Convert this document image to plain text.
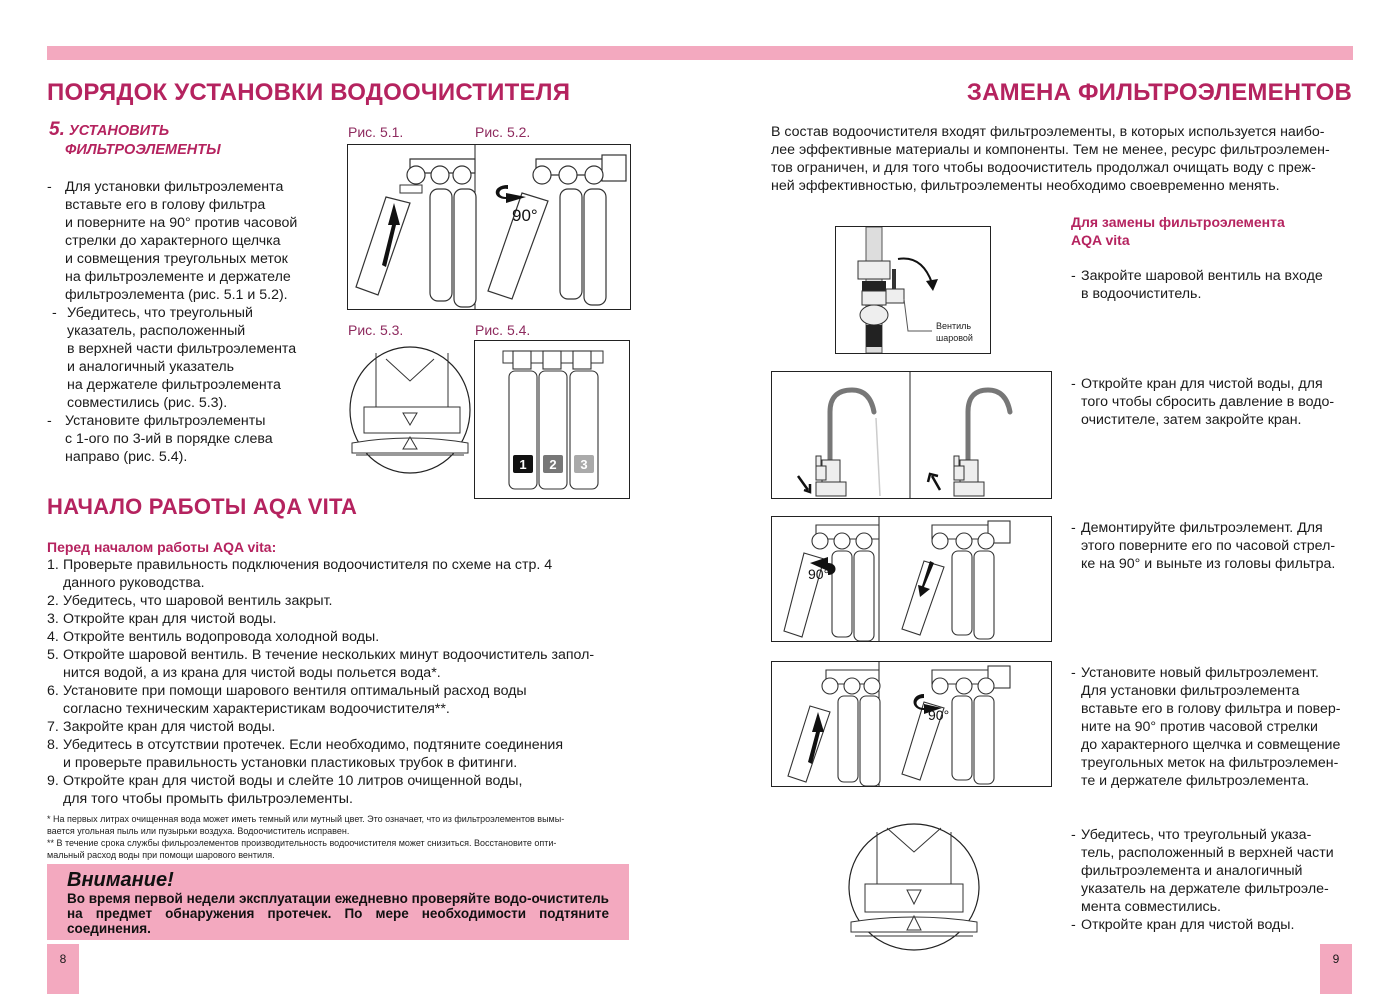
ПОРЯДОК УСТАНОВКИ ВОДООЧИСТИТЕЛЯ
5. УСТАНОВИТЬ
ФИЛЬТРОЭЛЕМЕНТЫ
- Для установки фильтроэлемента
вставьте его в голову фильтра
и поверните на 90° против часовой
стрелки до характерного щелчка
и совмещения треугольных меток
на фильтроэлементе и держателе
фильтроэлемента (рис. 5.1 и 5.2).
- Убедитесь, что треугольный
указатель, расположенный
в верхней части фильтроэлемента
и аналогичный указатель
на держателе фильтроэлемента
совместились (рис. 5.3).
- Установите фильтроэлементы
с 1-ого по 3-ий в порядке слева
направо (рис. 5.4).
Рис. 5.1.	Рис. 5.2.
Рис. 5.3.	Рис. 5.4.
90°
1 2 3
НАЧАЛО РАБОТЫ AQA VITA
Перед началом работы AQA vita:
1. Проверьте правильность подключения водоочистителя по схеме на стр. 4
данного руководства.
2. Убедитесь, что шаровой вентиль закрыт.
3. Откройте кран для чистой воды.
4. Откройте вентиль водопровода холодной воды.
5. Откройте шаровой вентиль. В течение нескольких минут водоочиститель запол-
нится водой, а из крана для чистой воды польется вода*.
6. Установите при помощи шарового вентиля оптимальный расход воды
согласно техническим характеристикам водоочистителя**.
7. Закройте кран для чистой воды.
8. Убедитесь в отсутствии протечек. Если необходимо, подтяните соединения
и проверьте правильность установки пластиковых трубок в фитинги.
9. Откройте кран для чистой воды и слейте 10 литров очищенной воды,
для того чтобы промыть фильтроэлементы.
* На первых литрах очищенная вода может иметь темный или мутный цвет. Это означает, что из фильтроэлементов вымы-
вается угольная пыль или пузырьки воздуха. Водоочиститель исправен.
** В течение срока службы фильроэлементов производительность водоочистителя может снизиться. Восстановите опти-
мальный расход воды при помощи шарового вентиля.
Внимание!
Во время первой недели эксплуатации ежедневно проверяйте водо-очиститель на предмет обнаружения протечек. По мере необходимости подтяните соединения.
8
ЗАМЕНА ФИЛЬТРОЭЛЕМЕНТОВ
В состав водоочистителя входят фильтроэлементы, в которых используется наибо-
лее эффективные материалы и компоненты. Тем не менее, ресурс фильтроэлемен-
тов ограничен, и для того чтобы водоочиститель продолжал очищать воду с преж-
ней эффективностью, фильтроэлементы необходимо своевременно менять.
Для замены фильтроэлемента
AQA vita
Вентиль
шаровой
90°
90°
- Закройте шаровой вентиль на входе
в водоочиститель.
- Откройте кран для чистой воды, для
того чтобы сбросить давление в водо-
очистителе, затем закройте кран.
- Демонтируйте фильтроэлемент. Для
этого поверните его по часовой стрел-
ке на 90° и выньте из головы фильтра.
- Установите новый фильтроэлемент.
Для установки фильтроэлемента
вставьте его в голову фильтра и повер-
ните на 90° против часовой стрелки
до характерного щелчка и совмещение
треугольных меток на фильтроэлемен-
те и держателе фильтроэлемента.
- Убедитесь, что треугольный указа-
тель, расположенный в верхней части
фильтроэлемента и аналогичный
указатель на держателе фильтроэле-
мента совместились.
- Откройте кран для чистой воды.
9
